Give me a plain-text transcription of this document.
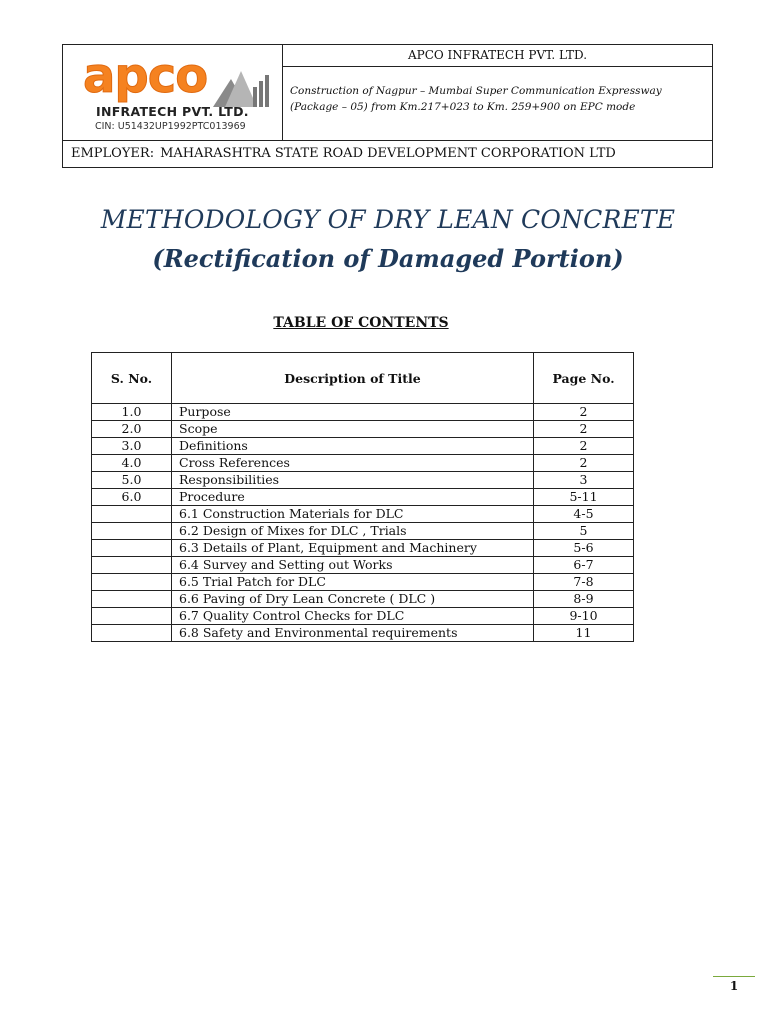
apco
INFRATECH PVT. LTD.
CIN: U51432UP1992PTC013969
APCO INFRATECH PVT. LTD.
Construction of Nagpur – Mumbai Super Communication Expressway
(Package – 05) from Km.217+023 to Km. 259+900 on EPC mode
EMPLOYER: MAHARASHTRA STATE ROAD DEVELOPMENT CORPORATION LTD
METHODOLOGY OF DRY LEAN CONCRETE
(Rectification of Damaged Portion)
TABLE OF CONTENTS
S. No.	Description of Title	Page No.
1.0	Purpose	2
2.0	Scope	2
3.0	Definitions	2
4.0	Cross References	2
5.0	Responsibilities	3
6.0	Procedure	5-11
	6.1 Construction Materials for DLC	4-5
	6.2 Design of Mixes for DLC , Trials	5
	6.3 Details of Plant, Equipment and Machinery	5-6
	6.4 Survey and Setting out Works	6-7
	6.5 Trial Patch for DLC	7-8
	6.6 Paving of Dry Lean Concrete ( DLC )	8-9
	6.7 Quality Control Checks for DLC	9-10
	6.8 Safety and Environmental requirements	11
1
